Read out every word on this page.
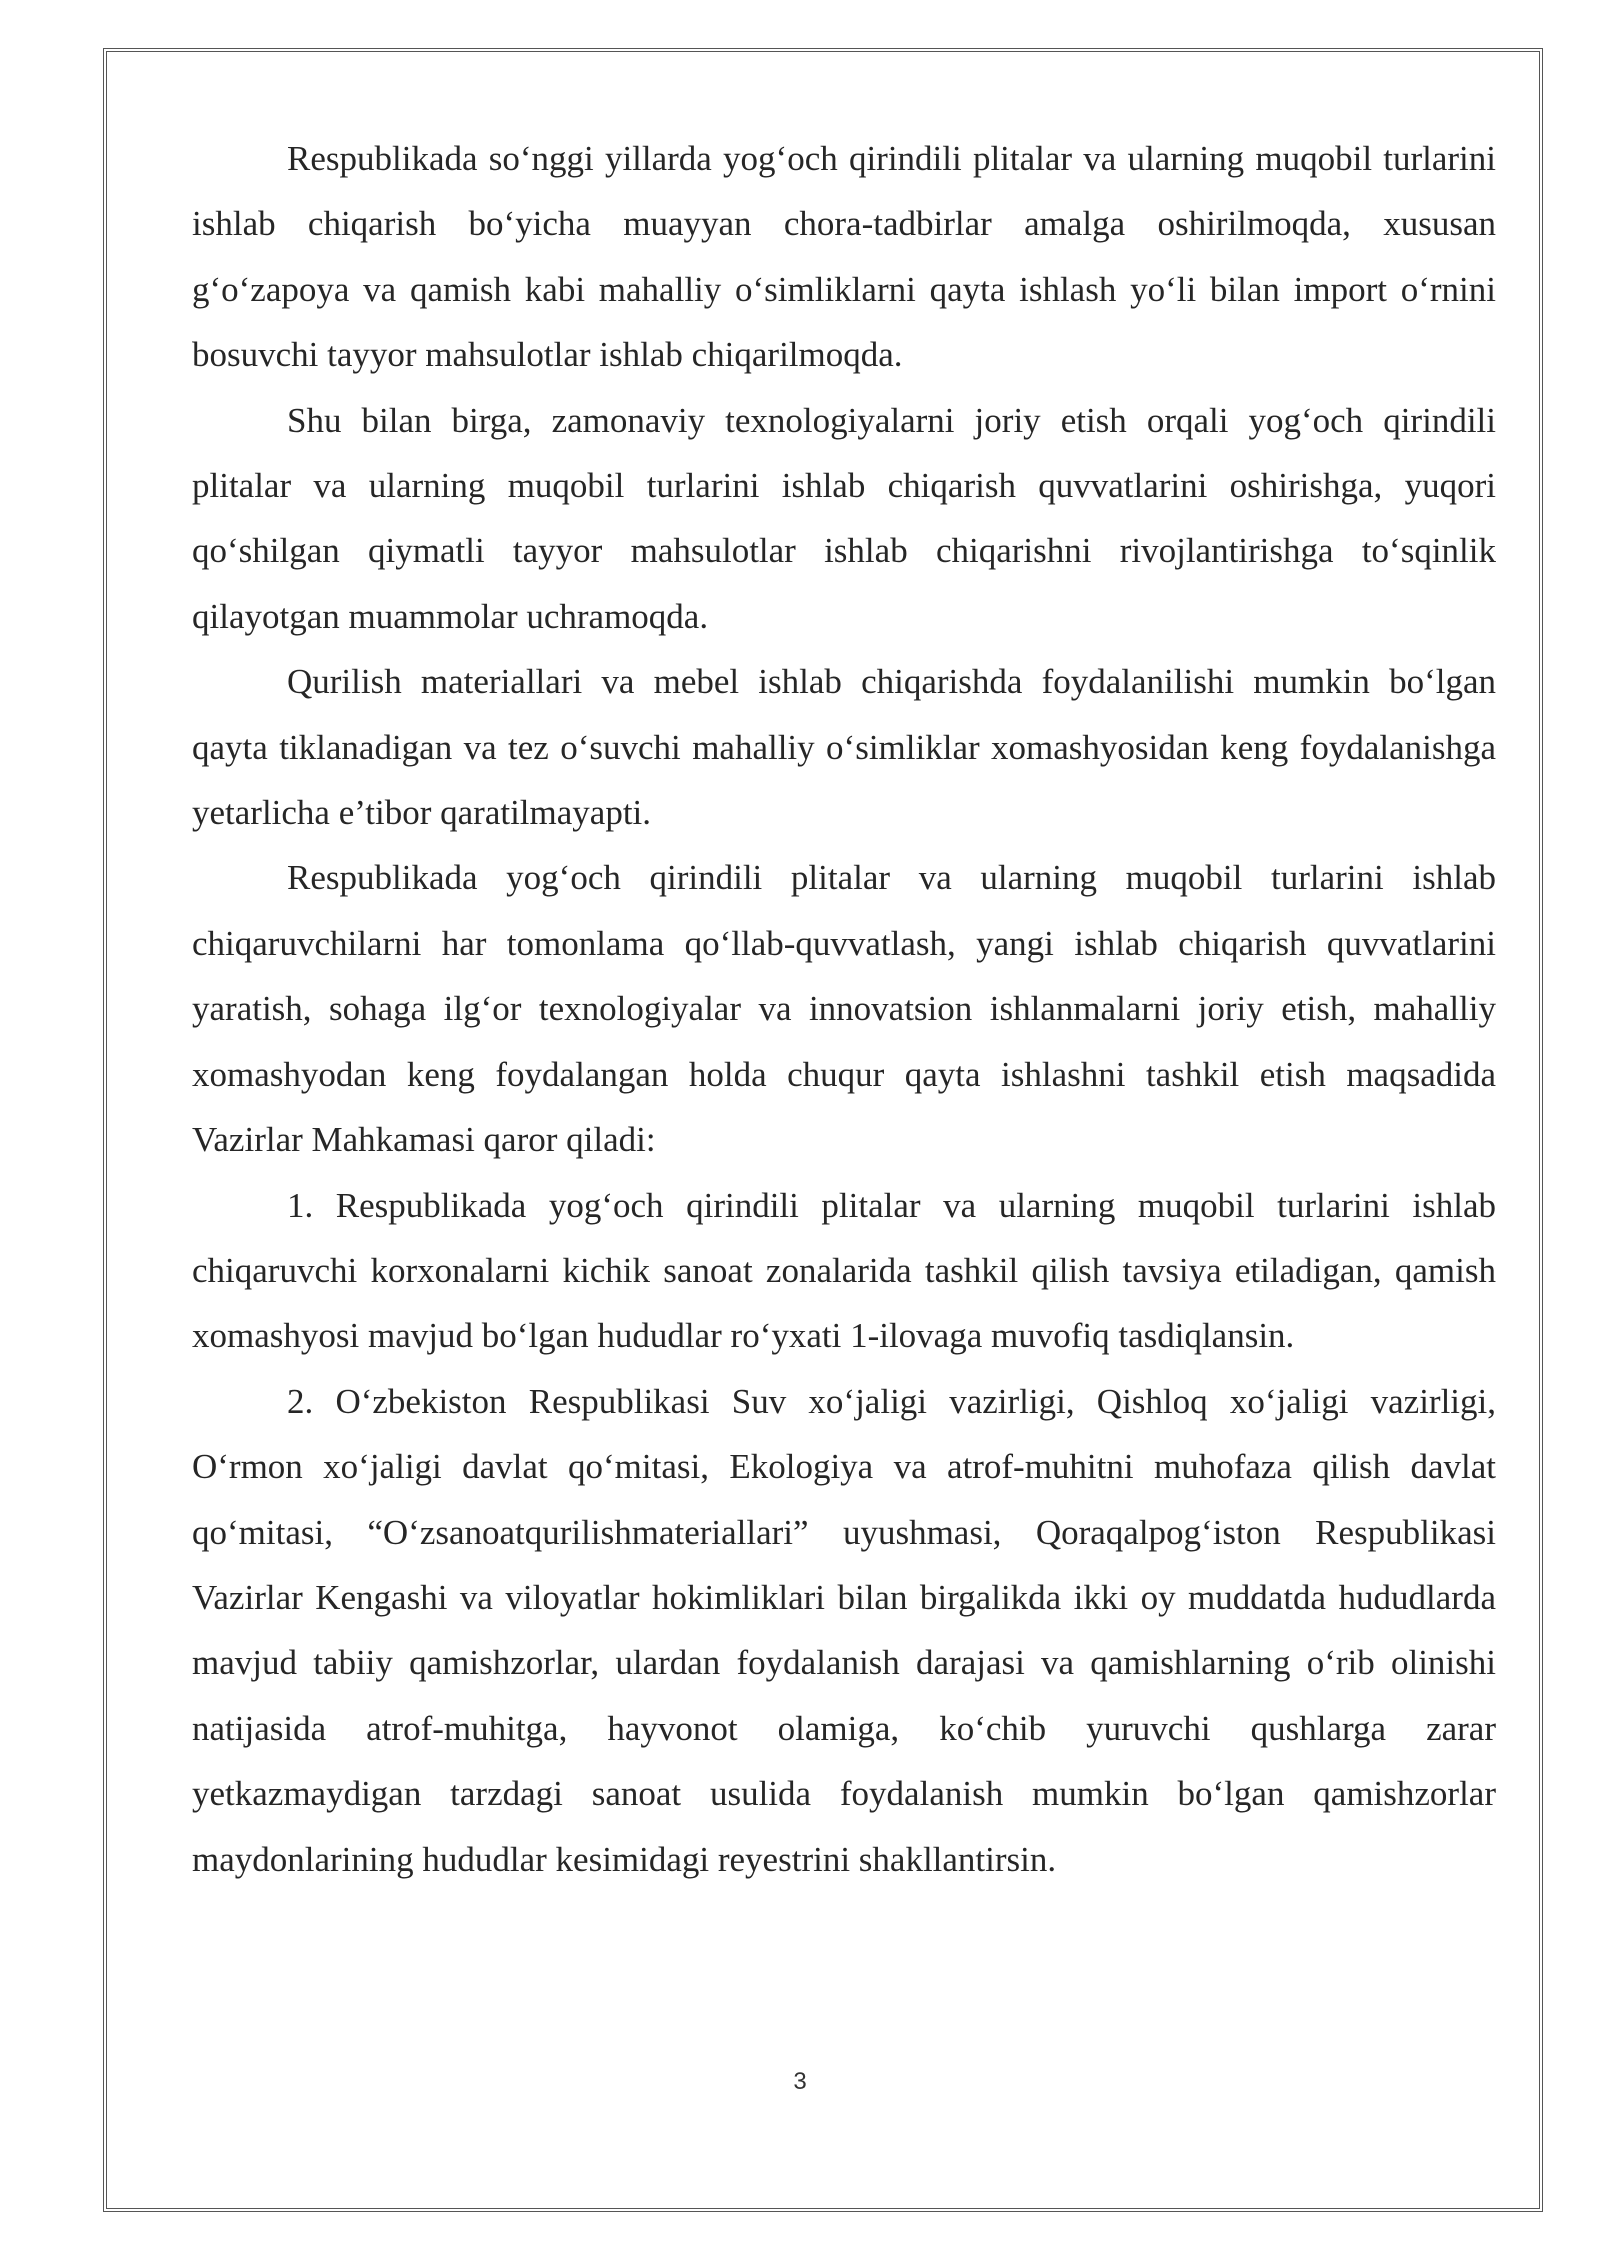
Respublikada so‘nggi yillarda yog‘och qirindili plitalar va ularning muqobil turlarini ishlab chiqarish bo‘yicha muayyan chora-tadbirlar amalga oshirilmoqda, xususan g‘o‘zapoya va qamish kabi mahalliy o‘simliklarni qayta ishlash yo‘li bilan import o‘rnini bosuvchi tayyor mahsulotlar ishlab chiqarilmoqda.

Shu bilan birga, zamonaviy texnologiyalarni joriy etish orqali yog‘och qirindili plitalar va ularning muqobil turlarini ishlab chiqarish quvvatlarini oshirishga, yuqori qo‘shilgan qiymatli tayyor mahsulotlar ishlab chiqarishni rivojlantirishga to‘sqinlik qilayotgan muammolar uchramoqda.

Qurilish materiallari va mebel ishlab chiqarishda foydalanilishi mumkin bo‘lgan qayta tiklanadigan va tez o‘suvchi mahalliy o‘simliklar xomashyosidan keng foydalanishga yetarlicha e’tibor qaratilmayapti.

Respublikada yog‘och qirindili plitalar va ularning muqobil turlarini ishlab chiqaruvchilarni har tomonlama qo‘llab-quvvatlash, yangi ishlab chiqarish quvvatlarini yaratish, sohaga ilg‘or texnologiyalar va innovatsion ishlanmalarni joriy etish, mahalliy xomashyodan keng foydalangan holda chuqur qayta ishlashni tashkil etish maqsadida Vazirlar Mahkamasi qaror qiladi:

1. Respublikada yog‘och qirindili plitalar va ularning muqobil turlarini ishlab chiqaruvchi korxonalarni kichik sanoat zonalarida tashkil qilish tavsiya etiladigan, qamish xomashyosi mavjud bo‘lgan hududlar ro‘yxati 1-ilovaga muvofiq tasdiqlansin.

2. O‘zbekiston Respublikasi Suv xo‘jaligi vazirligi, Qishloq xo‘jaligi vazirligi, O‘rmon xo‘jaligi davlat qo‘mitasi, Ekologiya va atrof-muhitni muhofaza qilish davlat qo‘mitasi, “O‘zsanoatqurilishmateriallari” uyushmasi, Qoraqalpog‘iston Respublikasi Vazirlar Kengashi va viloyatlar hokimliklari bilan birgalikda ikki oy muddatda hududlarda mavjud tabiiy qamishzorlar, ulardan foydalanish darajasi va qamishlarning o‘rib olinishi natijasida atrof-muhitga, hayvonot olamiga, ko‘chib yuruvchi qushlarga zarar yetkazmaydigan tarzdagi sanoat usulida foydalanish mumkin bo‘lgan qamishzorlar maydonlarining hududlar kesimidagi reyestrini shakllantirsin.

3
